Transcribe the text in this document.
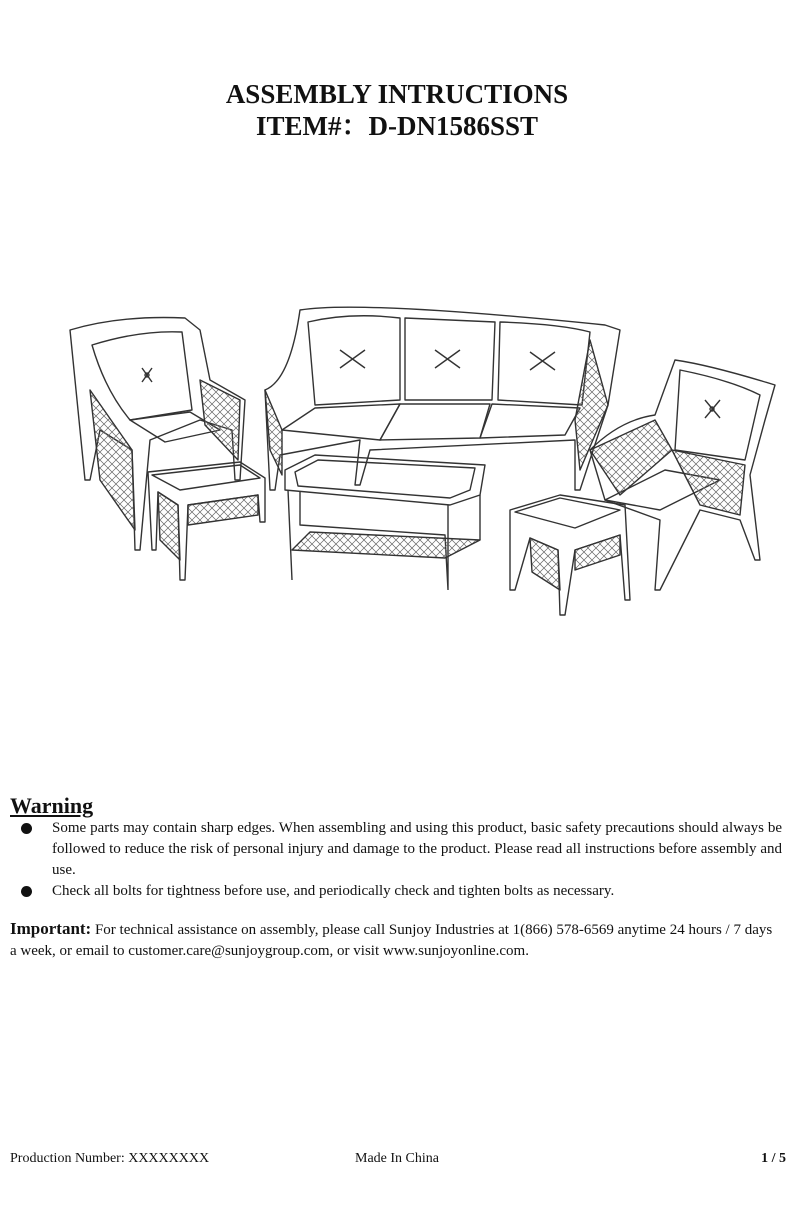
ASSEMBLY INTRUCTIONS
ITEM#：D-DN1586SST
Warning
Some parts may contain sharp edges. When assembling and using this product, basic safety precautions should always be followed to reduce the risk of personal injury and damage to the product. Please read all instructions before assembly and use.
Check all bolts for tightness before use, and periodically check and tighten bolts as necessary.

Important: For technical assistance on assembly, please call Sunjoy Industries at 1(866) 578-6569 anytime 24 hours / 7 days a week, or email to customer.care@sunjoygroup.com, or visit www.sunjoyonline.com.

Production Number: XXXXXXXX	Made In China	1 / 5
